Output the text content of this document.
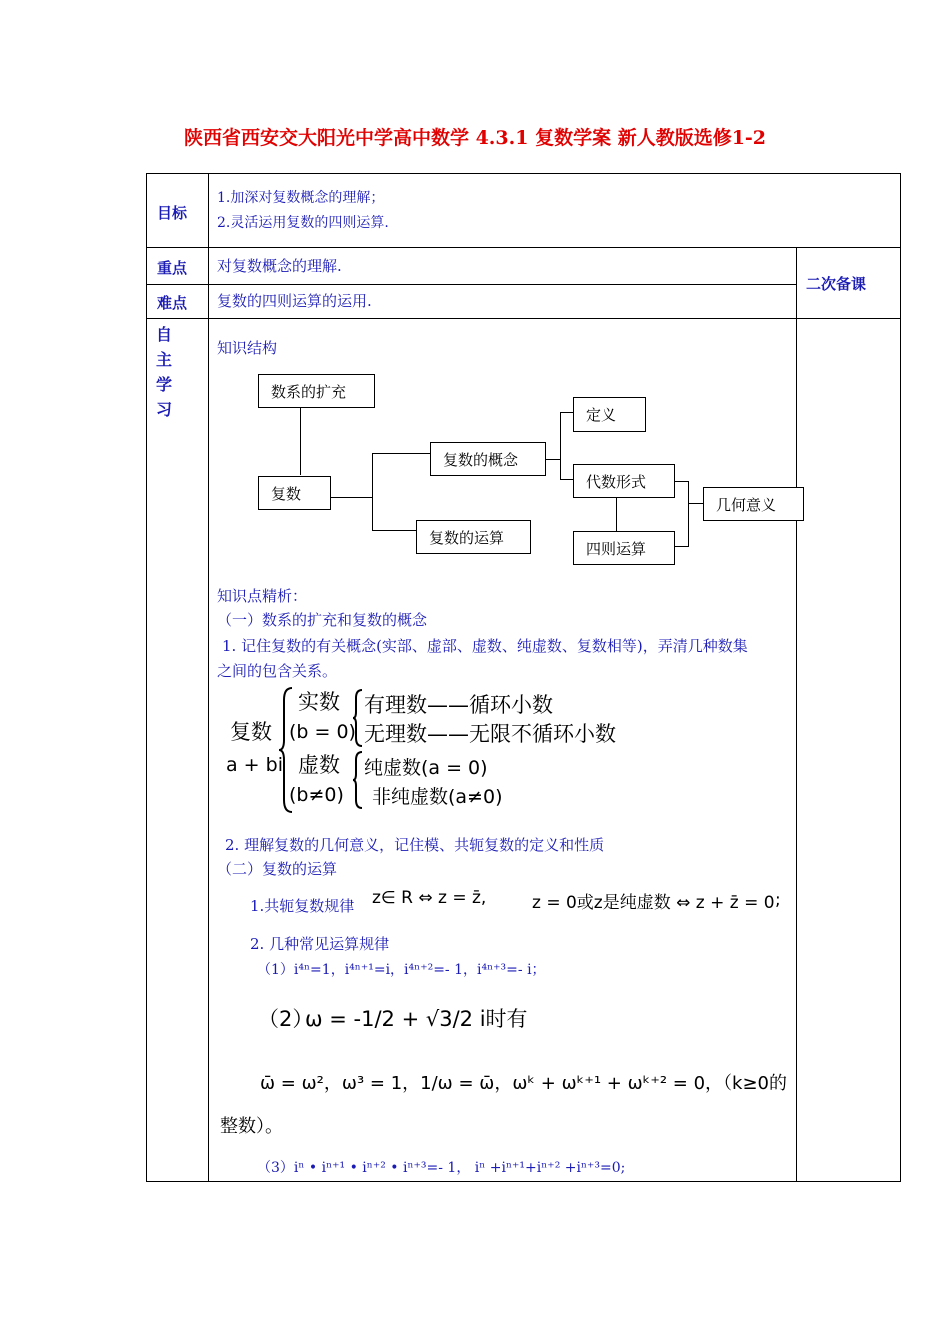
陕西省西安交大阳光中学高中数学 4.3.1 复数学案 新人教版选修1-2
目标
1.加深对复数概念的理解；
2.灵活运用复数的四则运算.
重点 对复数概念的理解.
难点 复数的四则运算的运用.
二次备课
自
主
学
习
知识结构
数系的扩充
复数
复数的概念
复数的运算
定义
代数形式
四则运算
几何意义
知识点精析：
（一）数系的扩充和复数的概念
1. 记住复数的有关概念(实部、虚部、虚数、纯虚数、复数相等)，弄清几种数集
之间的包含关系。
复数
a + bi
实数
(b = 0)
虚数
(b≠0)
有理数——循环小数
无理数——无限不循环小数
纯虚数(a = 0)
非纯虚数(a≠0)
2. 理解复数的几何意义，记住模、共轭复数的定义和性质
（二）复数的运算
1.共轭复数规律 z∈ R ⇔ z = z̄,	z = 0或z是纯虚数 ⇔ z + z̄ = 0 ;
2. 几种常见运算规律
（1）i⁴ⁿ=1，i⁴ⁿ⁺¹=i，i⁴ⁿ⁺²=- 1，i⁴ⁿ⁺³=- i；
（2）
ω = -1/2 + √3/2 i时有
ω̄ = ω²，ω³ = 1，1/ω = ω̄，ωᵏ + ωᵏ⁺¹ + ωᵏ⁺² = 0，（k≥0的
整数）。
（3）iⁿ • iⁿ⁺¹ • iⁿ⁺² • iⁿ⁺³=- 1， iⁿ +iⁿ⁺¹+iⁿ⁺² +iⁿ⁺³=0;
